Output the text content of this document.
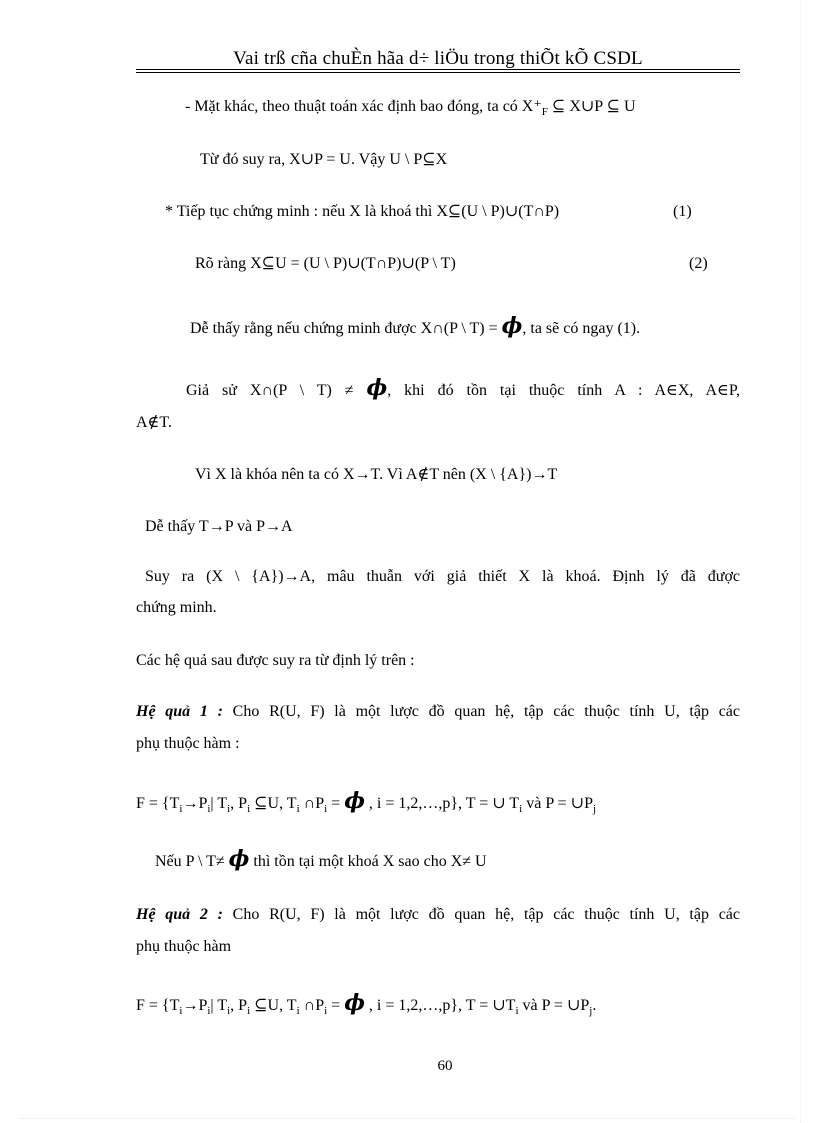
Vai trß cña chuÈn hãa d÷ liÖu trong thiÕt kÕ CSDL
- Mặt khác, theo thuật toán xác định bao đóng, ta có $X^+_F$ ⊆ X∪P ⊆ U
Từ đó suy ra, X∪P = U. Vậy U \ P⊆X
* Tiếp tục chứng minh : nếu X là khoá thì X⊆(U \ P)∪(T∩P)	(1)
Rõ ràng X⊆U = (U \ P)∪(T∩P)∪(P \ T)	(2)
Dễ thấy rằng nếu chứng minh được X∩(P \ T) = ϕ, ta sẽ có ngay (1).
Giả sử X∩(P \ T) ≠ ϕ, khi đó tồn tại thuộc tính A : A∈X, A∈P,
A∉T.
Vì X là khóa nên ta có X→T. Vì A∉T nên (X \ {A})→T
Dễ thấy T→P và P→A
Suy ra (X \ {A})→A, mâu thuẫn với giả thiết X là khoá. Định lý đã được
chứng minh.
Các hệ quả sau được suy ra từ định lý trên :
Hệ quả 1 : Cho R(U, F) là một lược đồ quan hệ, tập các thuộc tính U, tập các
phụ thuộc hàm :
$F = \{T_i\to P_i|$ $T_i$, $P_i$ ⊆U, $T_i$ $\cap P_i = \phi$ , i = 1,2,…,p}, T = ∪ $T_i$ và $P = \cup P_j$
Nếu P \ T≠ ϕ thì tồn tại một khoá X sao cho X≠ U
Hệ quả 2 : Cho R(U, F) là một lược đồ quan hệ, tập các thuộc tính U, tập các
phụ thuộc hàm
$F = \{T_i\to P_i|$ $T_i$, $P_i$ ⊆U, $T_i$ $\cap P_i = \phi$ , i = 1,2,…,p}, $T = \cup T_i$ và $P = \cup P_j$.
60
